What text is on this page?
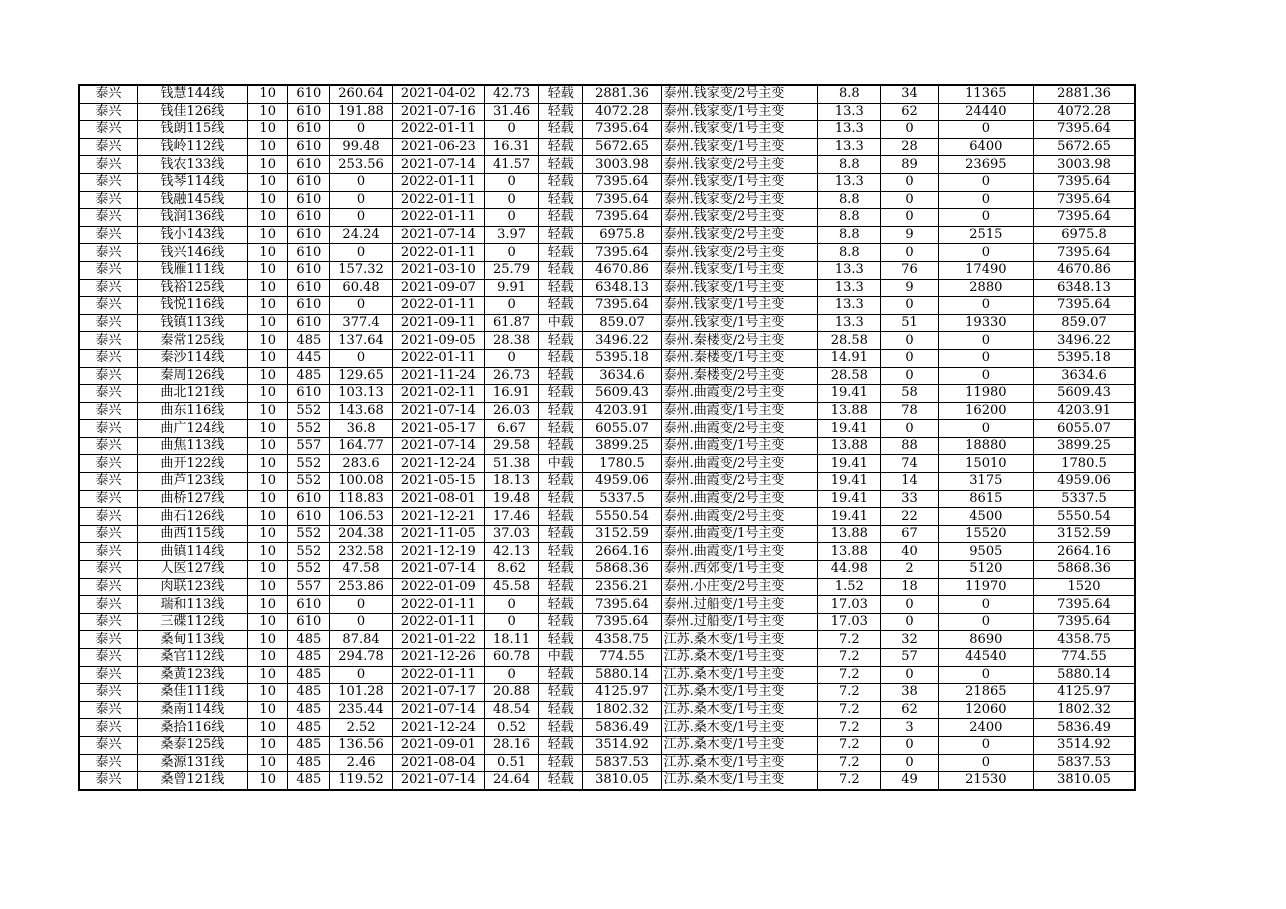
泰兴	钱慧144线	10	610	260.64	2021-04-02	42.73	轻载	2881.36	泰州.钱家变/2号主变	8.8	34	11365	2881.36
泰兴	钱佳126线	10	610	191.88	2021-07-16	31.46	轻载	4072.28	泰州.钱家变/1号主变	13.3	62	24440	4072.28
泰兴	钱朗115线	10	610	0	2022-01-11	0	轻载	7395.64	泰州.钱家变/1号主变	13.3	0	0	7395.64
泰兴	钱岭112线	10	610	99.48	2021-06-23	16.31	轻载	5672.65	泰州.钱家变/1号主变	13.3	28	6400	5672.65
泰兴	钱农133线	10	610	253.56	2021-07-14	41.57	轻载	3003.98	泰州.钱家变/2号主变	8.8	89	23695	3003.98
泰兴	钱琴114线	10	610	0	2022-01-11	0	轻载	7395.64	泰州.钱家变/1号主变	13.3	0	0	7395.64
泰兴	钱融145线	10	610	0	2022-01-11	0	轻载	7395.64	泰州.钱家变/2号主变	8.8	0	0	7395.64
泰兴	钱润136线	10	610	0	2022-01-11	0	轻载	7395.64	泰州.钱家变/2号主变	8.8	0	0	7395.64
泰兴	钱小143线	10	610	24.24	2021-07-14	3.97	轻载	6975.8	泰州.钱家变/2号主变	8.8	9	2515	6975.8
泰兴	钱兴146线	10	610	0	2022-01-11	0	轻载	7395.64	泰州.钱家变/2号主变	8.8	0	0	7395.64
泰兴	钱雁111线	10	610	157.32	2021-03-10	25.79	轻载	4670.86	泰州.钱家变/1号主变	13.3	76	17490	4670.86
泰兴	钱裕125线	10	610	60.48	2021-09-07	9.91	轻载	6348.13	泰州.钱家变/1号主变	13.3	9	2880	6348.13
泰兴	钱悦116线	10	610	0	2022-01-11	0	轻载	7395.64	泰州.钱家变/1号主变	13.3	0	0	7395.64
泰兴	钱镇113线	10	610	377.4	2021-09-11	61.87	中载	859.07	泰州.钱家变/1号主变	13.3	51	19330	859.07
泰兴	秦常125线	10	485	137.64	2021-09-05	28.38	轻载	3496.22	泰州.秦楼变/2号主变	28.58	0	0	3496.22
泰兴	秦沙114线	10	445	0	2022-01-11	0	轻载	5395.18	泰州.秦楼变/1号主变	14.91	0	0	5395.18
泰兴	秦周126线	10	485	129.65	2021-11-24	26.73	轻载	3634.6	泰州.秦楼变/2号主变	28.58	0	0	3634.6
泰兴	曲北121线	10	610	103.13	2021-02-11	16.91	轻载	5609.43	泰州.曲霞变/2号主变	19.41	58	11980	5609.43
泰兴	曲东116线	10	552	143.68	2021-07-14	26.03	轻载	4203.91	泰州.曲霞变/1号主变	13.88	78	16200	4203.91
泰兴	曲广124线	10	552	36.8	2021-05-17	6.67	轻载	6055.07	泰州.曲霞变/2号主变	19.41	0	0	6055.07
泰兴	曲焦113线	10	557	164.77	2021-07-14	29.58	轻载	3899.25	泰州.曲霞变/1号主变	13.88	88	18880	3899.25
泰兴	曲开122线	10	552	283.6	2021-12-24	51.38	中载	1780.5	泰州.曲霞变/2号主变	19.41	74	15010	1780.5
泰兴	曲芦123线	10	552	100.08	2021-05-15	18.13	轻载	4959.06	泰州.曲霞变/2号主变	19.41	14	3175	4959.06
泰兴	曲桥127线	10	610	118.83	2021-08-01	19.48	轻载	5337.5	泰州.曲霞变/2号主变	19.41	33	8615	5337.5
泰兴	曲石126线	10	610	106.53	2021-12-21	17.46	轻载	5550.54	泰州.曲霞变/2号主变	19.41	22	4500	5550.54
泰兴	曲西115线	10	552	204.38	2021-11-05	37.03	轻载	3152.59	泰州.曲霞变/1号主变	13.88	67	15520	3152.59
泰兴	曲镇114线	10	552	232.58	2021-12-19	42.13	轻载	2664.16	泰州.曲霞变/1号主变	13.88	40	9505	2664.16
泰兴	人医127线	10	552	47.58	2021-07-14	8.62	轻载	5868.36	泰州.西郊变/1号主变	44.98	2	5120	5868.36
泰兴	肉联123线	10	557	253.86	2022-01-09	45.58	轻载	2356.21	泰州.小庄变/2号主变	1.52	18	11970	1520
泰兴	瑞和113线	10	610	0	2022-01-11	0	轻载	7395.64	泰州.过船变/1号主变	17.03	0	0	7395.64
泰兴	三碟112线	10	610	0	2022-01-11	0	轻载	7395.64	泰州.过船变/1号主变	17.03	0	0	7395.64
泰兴	桑甸113线	10	485	87.84	2021-01-22	18.11	轻载	4358.75	江苏.桑木变/1号主变	7.2	32	8690	4358.75
泰兴	桑官112线	10	485	294.78	2021-12-26	60.78	中载	774.55	江苏.桑木变/1号主变	7.2	57	44540	774.55
泰兴	桑黄123线	10	485	0	2022-01-11	0	轻载	5880.14	江苏.桑木变/1号主变	7.2	0	0	5880.14
泰兴	桑佳111线	10	485	101.28	2021-07-17	20.88	轻载	4125.97	江苏.桑木变/1号主变	7.2	38	21865	4125.97
泰兴	桑南114线	10	485	235.44	2021-07-14	48.54	轻载	1802.32	江苏.桑木变/1号主变	7.2	62	12060	1802.32
泰兴	桑拾116线	10	485	2.52	2021-12-24	0.52	轻载	5836.49	江苏.桑木变/1号主变	7.2	3	2400	5836.49
泰兴	桑泰125线	10	485	136.56	2021-09-01	28.16	轻载	3514.92	江苏.桑木变/1号主变	7.2	0	0	3514.92
泰兴	桑源131线	10	485	2.46	2021-08-04	0.51	轻载	5837.53	江苏.桑木变/1号主变	7.2	0	0	5837.53
泰兴	桑曾121线	10	485	119.52	2021-07-14	24.64	轻载	3810.05	江苏.桑木变/1号主变	7.2	49	21530	3810.05
